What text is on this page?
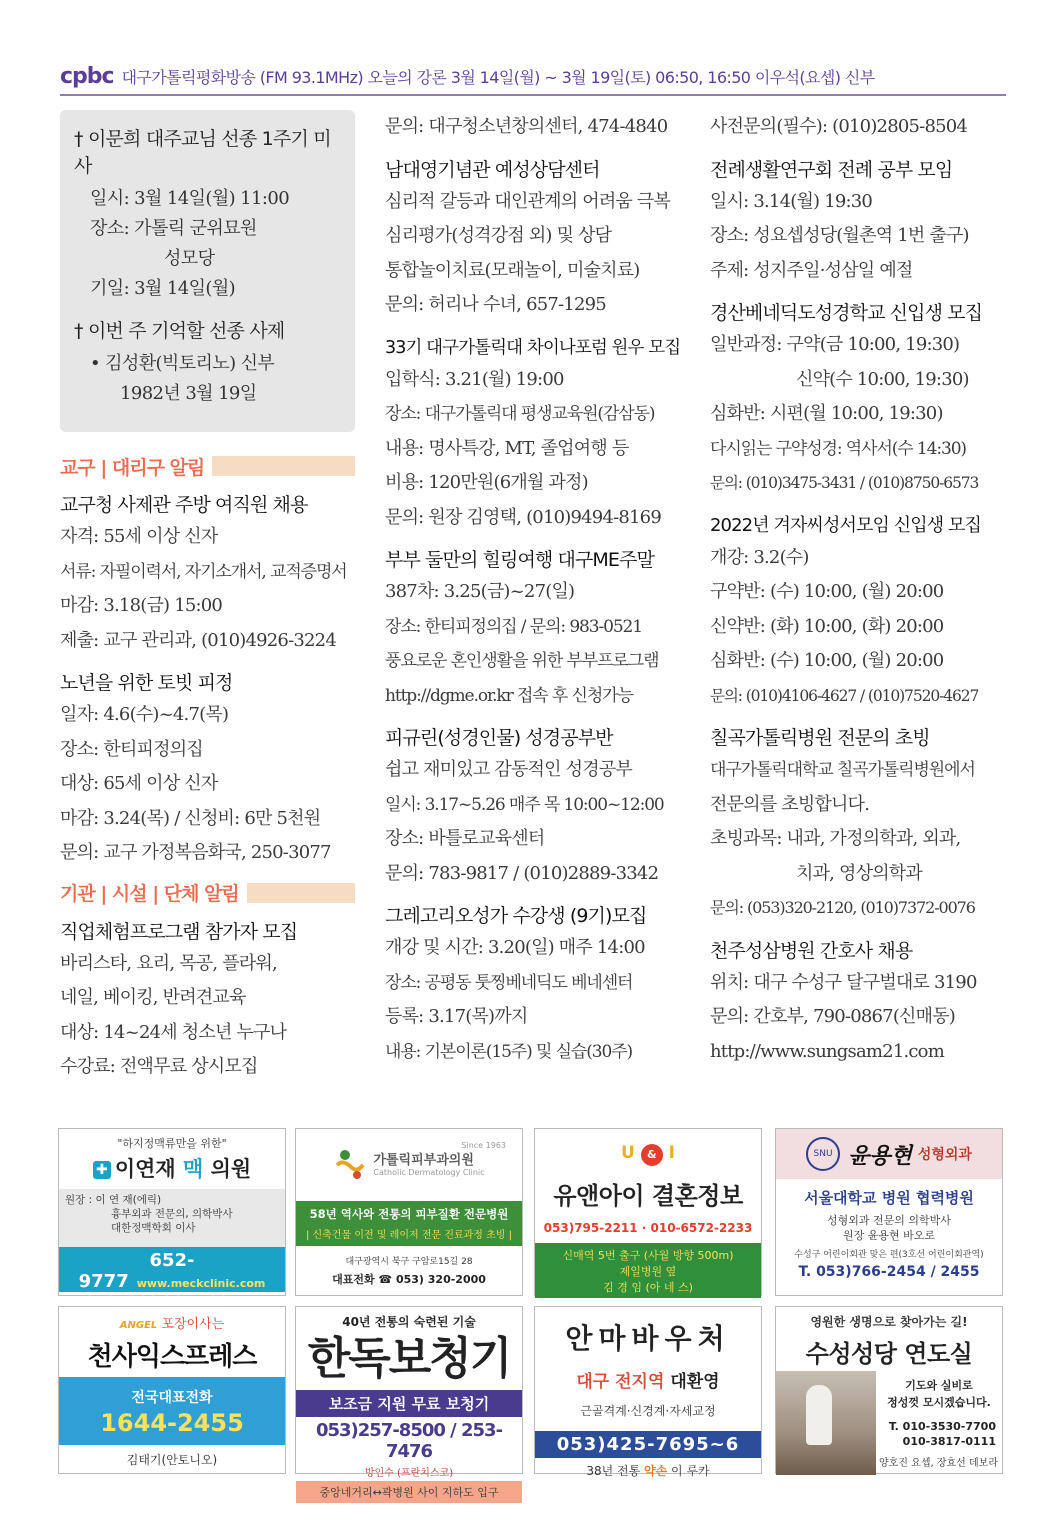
cpbc 대구가톨릭평화방송 (FM 93.1MHz) 오늘의 강론 3월 14일(월) ~ 3월 19일(토) 06:50, 16:50 이우석(요셉) 신부
† 이문희 대주교님 선종 1주기 미사
일시: 3월 14일(월) 11:00
장소: 가톨릭 군위묘원
성모당
기일: 3월 14일(월)
† 이번 주 기억할 선종 사제
• 김성환(빅토리노) 신부
1982년 3월 19일
교구 | 대리구 알림
교구청 사제관 주방 여직원 채용
자격: 55세 이상 신자
서류: 자필이력서, 자기소개서, 교적증명서
마감: 3.18(금) 15:00
제출: 교구 관리과, (010)4926-3224
노년을 위한 토빗 피정
일자: 4.6(수)~4.7(목)
장소: 한티피정의집
대상: 65세 이상 신자
마감: 3.24(목) / 신청비: 6만 5천원
문의: 교구 가정복음화국, 250-3077
기관 | 시설 | 단체 알림
직업체험프로그램 참가자 모집
바리스타, 요리, 목공, 플라워,
네일, 베이킹, 반려견교육
대상: 14~24세 청소년 누구나
수강료: 전액무료 상시모집
문의: 대구청소년창의센터, 474-4840
남대영기념관 예성상담센터
심리적 갈등과 대인관계의 어려움 극복
심리평가(성격강점 외) 및 상담
통합놀이치료(모래놀이, 미술치료)
문의: 허리나 수녀, 657-1295
33기 대구가톨릭대 차이나포럼 원우 모집
입학식: 3.21(월) 19:00
장소: 대구가톨릭대 평생교육원(감삼동)
내용: 명사특강, MT, 졸업여행 등
비용: 120만원(6개월 과정)
문의: 원장 김영택, (010)9494-8169
부부 둘만의 힐링여행 대구ME주말
387차: 3.25(금)~27(일)
장소: 한티피정의집 / 문의: 983-0521
풍요로운 혼인생활을 위한 부부프로그램
http://dgme.or.kr 접속 후 신청가능
피규린(성경인물) 성경공부반
쉽고 재미있고 감동적인 성경공부
일시: 3.17~5.26 매주 목 10:00~12:00
장소: 바틀로교육센터
문의: 783-9817 / (010)2889-3342
그레고리오성가 수강생 (9기)모집
개강 및 시간: 3.20(일) 매주 14:00
장소: 공평동 툿찡베네딕도 베네센터
등록: 3.17(목)까지
내용: 기본이론(15주) 및 실습(30주)
사전문의(필수): (010)2805-8504
전례생활연구회 전례 공부 모임
일시: 3.14(월) 19:30
장소: 성요셉성당(월촌역 1번 출구)
주제: 성지주일·성삼일 예절
경산베네딕도성경학교 신입생 모집
일반과정: 구약(금 10:00, 19:30)
신약(수 10:00, 19:30)
심화반: 시편(월 10:00, 19:30)
다시읽는 구약성경: 역사서(수 14:30)
문의: (010)3475-3431 / (010)8750-6573
2022년 겨자씨성서모임 신입생 모집
개강: 3.2(수)
구약반: (수) 10:00, (월) 20:00
신약반: (화) 10:00, (화) 20:00
심화반: (수) 10:00, (월) 20:00
문의: (010)4106-4627 / (010)7520-4627
칠곡가톨릭병원 전문의 초빙
대구가톨릭대학교 칠곡가톨릭병원에서
전문의를 초빙합니다.
초빙과목: 내과, 가정의학과, 외과,
치과, 영상의학과
문의: (053)320-2120, (010)7372-0076
천주성삼병원 간호사 채용
위치: 대구 수성구 달구벌대로 3190
문의: 간호부, 790-0867(신매동)
http://www.sungsam21.com
"하지정맥류만을 위한"
✚ 이연재 맥 의원
원장 : 이 연 재(에릭)
흉부외과 전문의, 의학박사
대한정맥학회 이사
652-9777 www.meckclinic.com
서부정류장에서 남대구 IC방향 200m
Since 1963
가톨릭피부과의원
Catholic Dermatology Clinic
58년 역사와 전통의 피부질환 전문병원
| 신축건물 이전 및 레이저 전문 진료과정 초빙 |
대구광역시 북구 구암로15길 28
대표전화 ☎ 053) 320-2000
U & I
유앤아이 결혼정보
053)795-2211 · 010-6572-2233
신매역 5번 출구 (사월 방향 500m)
제일병원 옆
김 경 임 (아 네 스)
SNU 윤용현 성형외과
서울대학교 병원 협력병원
성형외과 전문의 의학박사
원장 윤용현 바오로
수성구 어린이회관 맞은 편(3호선 어린이회관역)
T. 053)766-2454 / 2455
ANGEL 포장이사는
천사익스프레스
전국대표전화
1644-2455
김태기(안토니오)
40년 전통의 숙련된 기술
한독보청기
보조금 지원 무료 보청기
053)257-8500 / 253-7476
방인수 (프란치스코)
중앙네거리↔곽병원 사이 지하도 입구
안마바우처
대구 전지역 대환영
근골격계·신경계·자세교정
053)425-7695~6
38년 전통 약손 이 루카
영원한 생명으로 찾아가는 길!
수성성당 연도실
기도와 실비로
정성껏 모시겠습니다.
T. 010-3530-7700
010-3817-0111
양호진 요셉, 장효선 데보라
